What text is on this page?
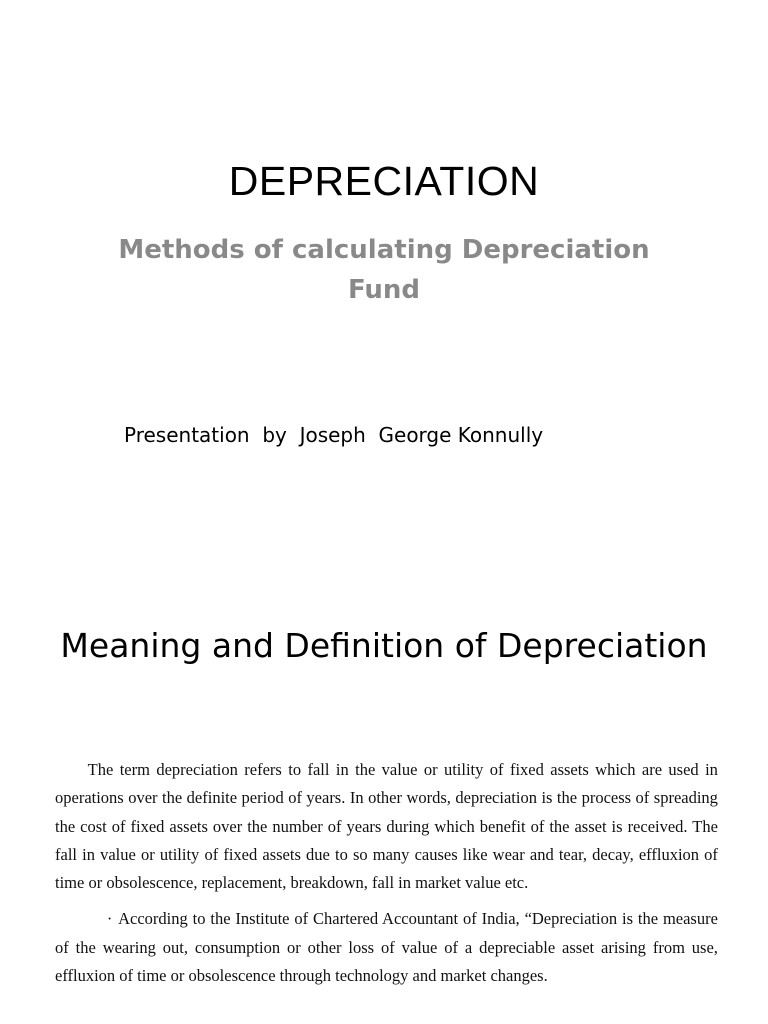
DEPRECIATION
Methods of calculating Depreciation
Fund
Presentation  by  Joseph  George Konnully
Meaning and Definition of Depreciation

The term depreciation refers to fall in the value or utility of fixed assets which are used in operations over the definite period of years. In other words, depreciation is the process of spreading the cost of fixed assets over the number of years during which benefit of the asset is received. The fall in value or utility of fixed assets due to so many causes like wear and tear, decay, effluxion of time or obsolescence, replacement, breakdown, fall in market value etc.

· According to the Institute of Chartered Accountant of India, “Depreciation is the measure of the wearing out, consumption or other loss of value of a depreciable asset arising from use, effluxion of time or obsolescence through technology and market changes.
